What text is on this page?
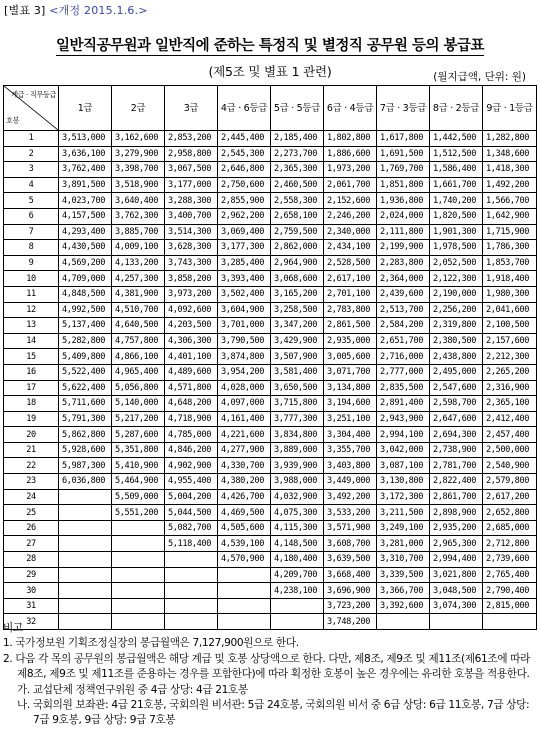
[별표 3] <개정 2015.1.6.>
일반직공무원과 일반직에 준하는 특정직 및 별정직 공무원 등의 봉급표
(제5조 및 별표 1 관련)	(월지급액, 단위: 원)
계급 · 직무등급
호봉	1급	2급	3급	4급 · 6등급	5급 · 5등급	6급 · 4등급	7급 · 3등급	8급 · 2등급	9급 · 1등급
1	3,513,000	3,162,600	2,853,200	2,445,400	2,185,400	1,802,800	1,617,800	1,442,500	1,282,800
2	3,636,100	3,279,900	2,958,800	2,545,300	2,273,700	1,886,600	1,691,500	1,512,500	1,348,600
3	3,762,400	3,398,700	3,067,500	2,646,800	2,365,300	1,973,200	1,769,700	1,586,400	1,418,300
4	3,891,500	3,518,900	3,177,000	2,750,600	2,460,500	2,061,700	1,851,800	1,661,700	1,492,200
5	4,023,700	3,640,400	3,288,300	2,855,900	2,558,300	2,152,600	1,936,800	1,740,200	1,566,700
6	4,157,500	3,762,300	3,400,700	2,962,200	2,658,100	2,246,200	2,024,000	1,820,500	1,642,900
7	4,293,400	3,885,700	3,514,300	3,069,400	2,759,500	2,340,000	2,111,800	1,901,300	1,715,900
8	4,430,500	4,009,100	3,628,300	3,177,300	2,862,000	2,434,100	2,199,900	1,978,500	1,786,300
9	4,569,200	4,133,200	3,743,300	3,285,400	2,964,900	2,528,500	2,283,800	2,052,500	1,853,700
10	4,709,000	4,257,300	3,858,200	3,393,400	3,068,600	2,617,100	2,364,000	2,122,300	1,918,400
11	4,848,500	4,381,900	3,973,200	3,502,400	3,165,200	2,701,100	2,439,600	2,190,000	1,980,300
12	4,992,500	4,510,700	4,092,600	3,604,900	3,258,500	2,783,800	2,513,700	2,256,200	2,041,600
13	5,137,400	4,640,500	4,203,500	3,701,000	3,347,200	2,861,500	2,584,200	2,319,800	2,100,500
14	5,282,800	4,757,800	4,306,300	3,790,500	3,429,900	2,935,000	2,651,700	2,380,500	2,157,600
15	5,409,800	4,866,100	4,401,100	3,874,800	3,507,900	3,005,600	2,716,000	2,438,800	2,212,300
16	5,522,400	4,965,400	4,489,600	3,954,200	3,581,400	3,071,700	2,777,000	2,495,000	2,265,200
17	5,622,400	5,056,800	4,571,800	4,028,000	3,650,500	3,134,800	2,835,500	2,547,600	2,316,900
18	5,711,600	5,140,000	4,648,200	4,097,000	3,715,800	3,194,600	2,891,400	2,598,700	2,365,100
19	5,791,300	5,217,200	4,718,900	4,161,400	3,777,300	3,251,100	2,943,900	2,647,600	2,412,400
20	5,862,800	5,287,600	4,785,000	4,221,600	3,834,800	3,304,400	2,994,100	2,694,300	2,457,400
21	5,928,600	5,351,800	4,846,200	4,277,900	3,889,000	3,355,700	3,042,000	2,738,900	2,500,000
22	5,987,300	5,410,900	4,902,900	4,330,700	3,939,900	3,403,800	3,087,100	2,781,700	2,540,900
23	6,036,800	5,464,900	4,955,400	4,380,200	3,988,000	3,449,000	3,130,800	2,822,400	2,579,800
24		5,509,000	5,004,200	4,426,700	4,032,900	3,492,200	3,172,300	2,861,700	2,617,200
25		5,551,200	5,044,500	4,469,500	4,075,300	3,533,200	3,211,500	2,898,900	2,652,800
26			5,082,700	4,505,600	4,115,300	3,571,900	3,249,100	2,935,200	2,685,000
27			5,118,400	4,539,100	4,148,500	3,608,700	3,281,000	2,965,300	2,712,800
28				4,570,900	4,180,400	3,639,500	3,310,700	2,994,400	2,739,600
29					4,209,700	3,668,400	3,339,500	3,021,800	2,765,400
30					4,238,100	3,696,900	3,366,700	3,048,500	2,790,400
31						3,723,200	3,392,600	3,074,300	2,815,000
32						3,748,200			

비고

1. 국가정보원 기획조정실장의 봉급월액은 7,127,900원으로 한다.

2. 다음 각 목의 공무원의 봉급월액은 해당 계급 및 호봉 상당액으로 한다. 다만, 제8조, 제9조 및 제11조(제61조에 따라 제8조, 제9조 및 제11조를 준용하는 경우를 포함한다)에 따라 획정한 호봉이 높은 경우에는 유리한 호봉을 적용한다.

가. 교섭단체 정책연구위원 중 4급 상당: 4급 21호봉

나. 국회의원 보좌관: 4급 21호봉, 국회의원 비서관: 5급 24호봉, 국회의원 비서 중 6급 상당: 6급 11호봉, 7급 상당: 7급 9호봉, 9급 상당: 9급 7호봉
